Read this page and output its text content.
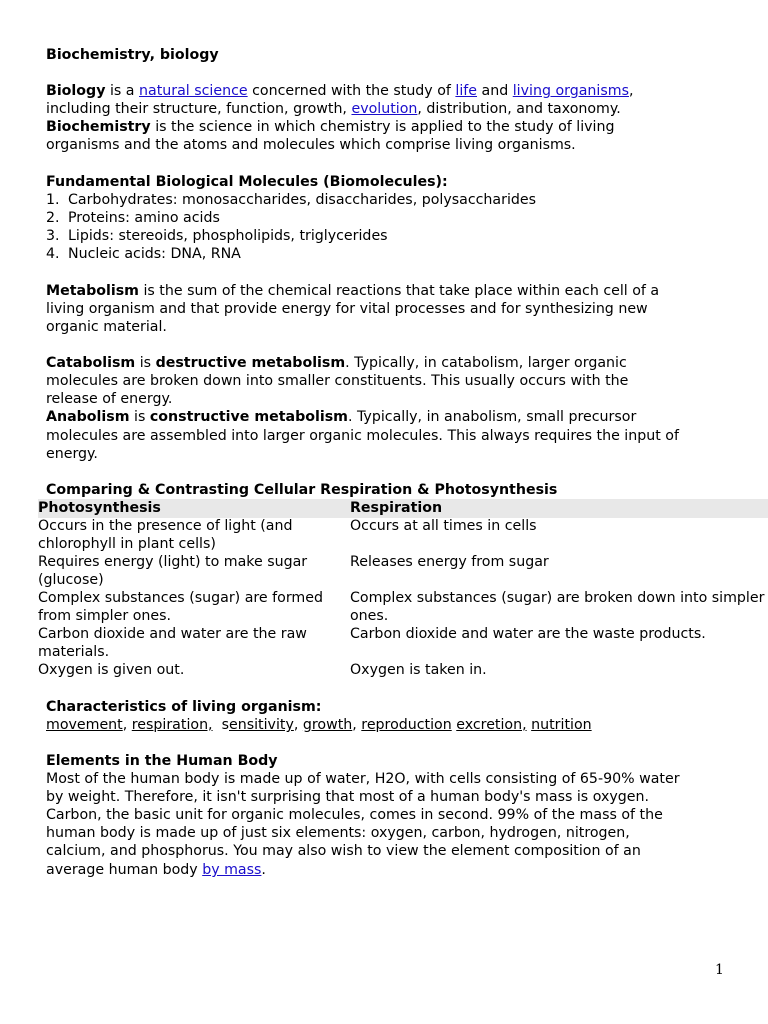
Biochemistry, biology
Biology is a natural science concerned with the study of life and living organisms,
including their structure, function, growth, evolution, distribution, and taxonomy.
Biochemistry is the science in which chemistry is applied to the study of living
organisms and the atoms and molecules which comprise living organisms.
Fundamental Biological Molecules (Biomolecules):
1. Carbohydrates: monosaccharides, disaccharides, polysaccharides
2. Proteins: amino acids
3. Lipids: stereoids, phospholipids, triglycerides
4. Nucleic acids: DNA, RNA
Metabolism is the sum of the chemical reactions that take place within each cell of a
living organism and that provide energy for vital processes and for synthesizing new
organic material.
Catabolism is destructive metabolism. Typically, in catabolism, larger organic
molecules are broken down into smaller constituents. This usually occurs with the
release of energy.
Anabolism is constructive metabolism. Typically, in anabolism, small precursor
molecules are assembled into larger organic molecules. This always requires the input of
energy.
Comparing & Contrasting Cellular Respiration & Photosynthesis
Photosynthesis	Respiration
Occurs in the presence of light (and
chlorophyll in plant cells)
Occurs at all times in cells
Requires energy (light) to make sugar
(glucose)
Releases energy from sugar
Complex substances (sugar) are formed
from simpler ones.
Complex substances (sugar) are broken down into simpler
ones.
Carbon dioxide and water are the raw
materials.
Carbon dioxide and water are the waste products.
Oxygen is given out.	Oxygen is taken in.
Characteristics of living organism:
movement, respiration,  sensitivity, growth, reproduction excretion, nutrition
Elements in the Human Body
Most of the human body is made up of water, H2O, with cells consisting of 65-90% water
by weight. Therefore, it isn't surprising that most of a human body's mass is oxygen.
Carbon, the basic unit for organic molecules, comes in second. 99% of the mass of the
human body is made up of just six elements: oxygen, carbon, hydrogen, nitrogen,
calcium, and phosphorus. You may also wish to view the element composition of an
average human body by mass.
1
